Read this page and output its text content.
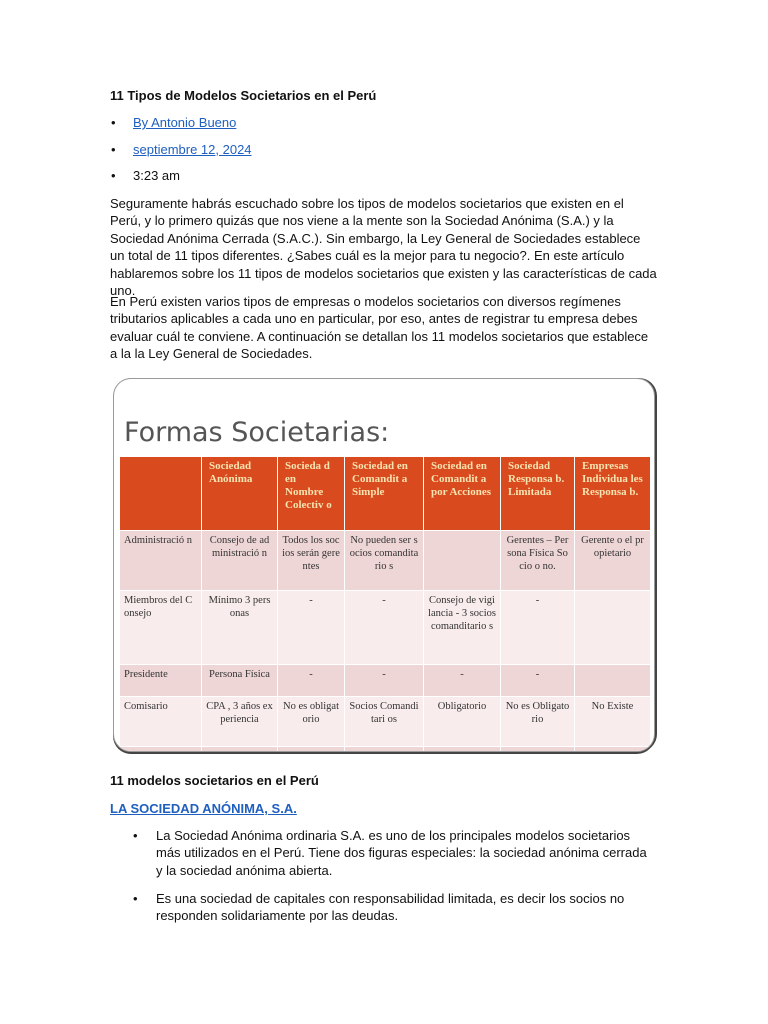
11 Tipos de Modelos Societarios en el Perú
• By Antonio Bueno
• septiembre 12, 2024
• 3:23 am

Seguramente habrás escuchado sobre los tipos de modelos societarios que existen en el Perú, y lo primero quizás que nos viene a la mente son la Sociedad Anónima (S.A.) y la Sociedad Anónima Cerrada (S.A.C.). Sin embargo, la Ley General de Sociedades establece un total de 11 tipos diferentes. ¿Sabes cuál es la mejor para tu negocio?. En este artículo hablaremos sobre los 11 tipos de modelos societarios que existen y las características de cada uno.

En Perú existen varios tipos de empresas o modelos societarios con diversos regímenes tributarios aplicables a cada uno en particular, por eso, antes de registrar tu empresa debes evaluar cuál te conviene. A continuación se detallan los 11 modelos societarios que establece a la la Ley General de Sociedades.

Formas Societarias:
	Sociedad Anónima	Socieda d en Nombre Colectiv o	Sociedad en Comandit a Simple	Sociedad en Comandit a por Acciones	Sociedad Responsa b. Limitada	Empresas Individua les Responsa b.
Administració n	Consejo de administració n	Todos los socios serán gerentes	No pueden ser socios comanditario s		Gerentes – Persona Física Socio o no.	Gerente o el propietario
Miembros del Consejo	Mínimo 3 personas	-	-	Consejo de vigilancia - 3 socios comanditario s	-	
Presidente	Persona Física	-	-	-	-	
Comisario	CPA , 3 años experiencia	No es obligatorio	Socios Comanditari os	Obligatorio	No es Obligatorio	No Existe

11 modelos societarios en el Perú
LA SOCIEDAD ANÓNIMA, S.A.
• La Sociedad Anónima ordinaria S.A. es uno de los principales modelos societarios más utilizados en el Perú. Tiene dos figuras especiales: la sociedad anónima cerrada y la sociedad anónima abierta.
• Es una sociedad de capitales con responsabilidad limitada, es decir los socios no responden solidariamente por las deudas.
